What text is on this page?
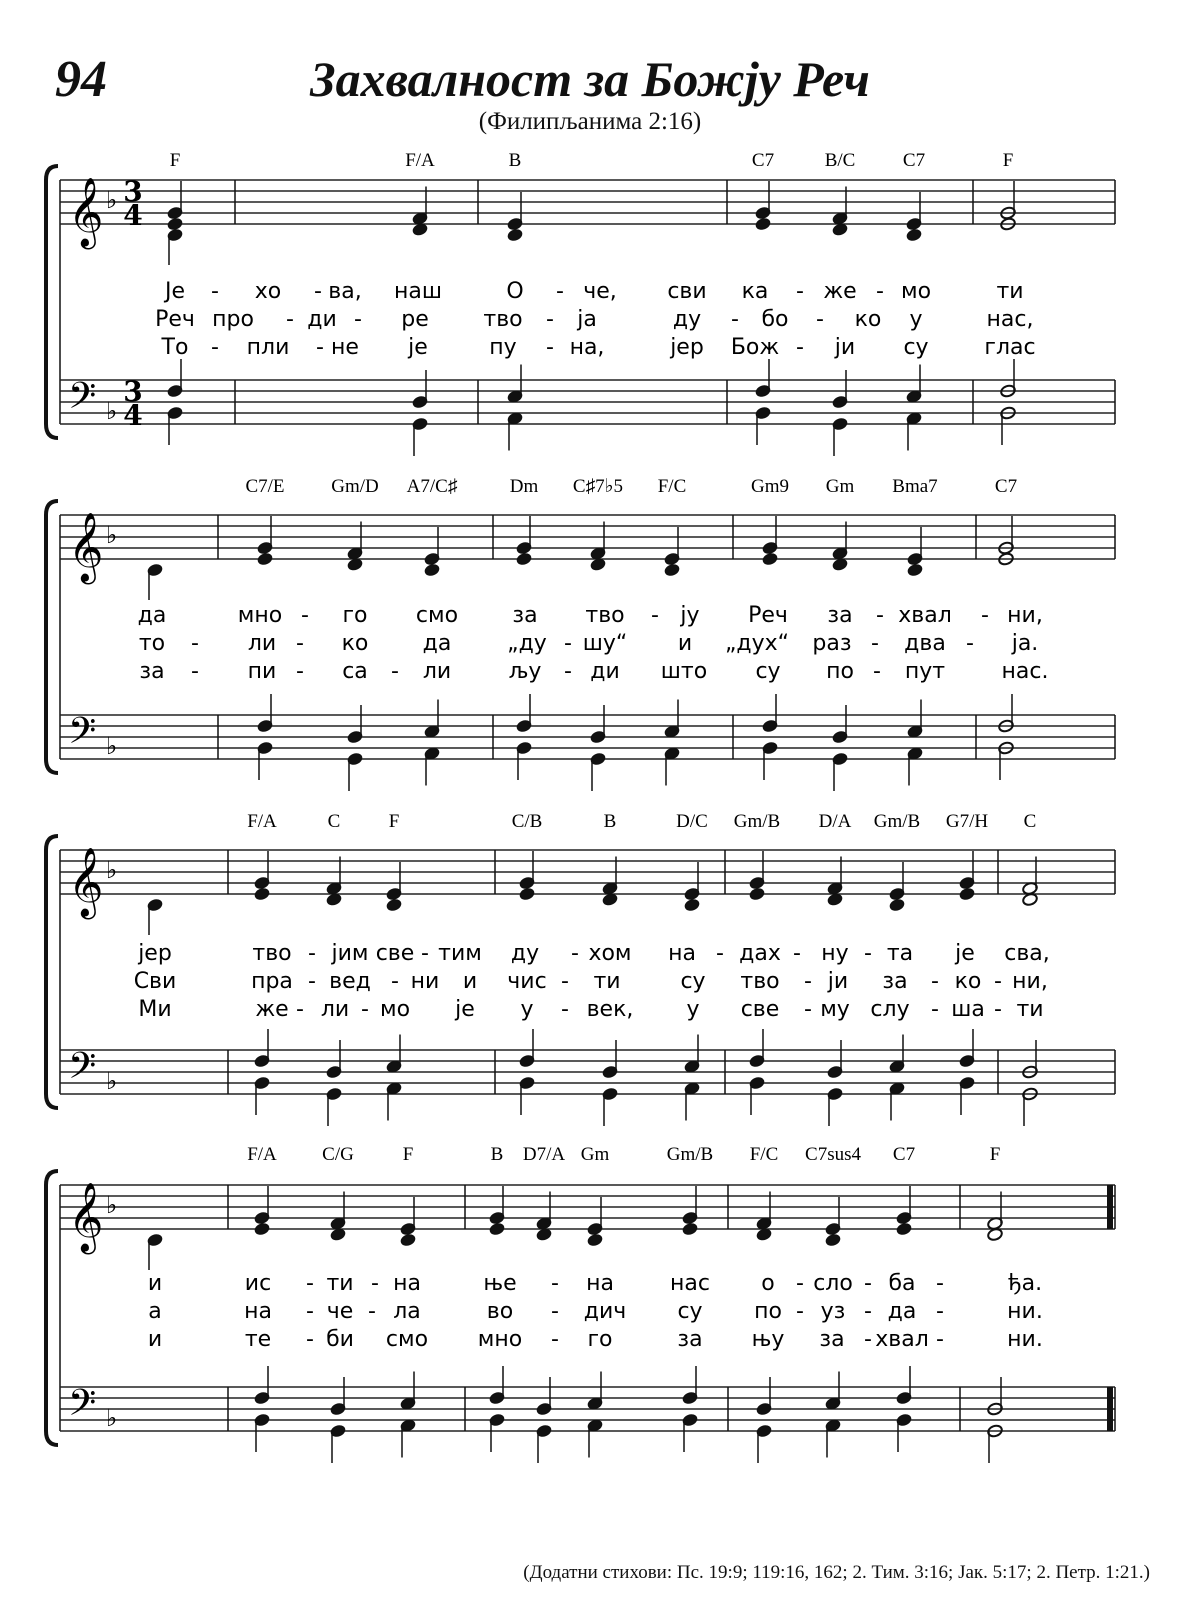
94	Захвалност за Божју Реч
(Филипљанима 2:16)
𝄞
𝄢
♭
♭
3
4
3
4
F	F/A	B	C7	B/C	C7	F
Је - хо - ва, наш	О - че, сви ка - же - мо	ти
Реч про - ди - ре тво - ја	ду - бо - ко у	нас,
То - пли - не је	пу - на,	јер Бож - ји су	глас
𝄞
𝄢
♭
♭
C7/E Gm/D A7/C♯	Dm C♯7♭5 F/C	Gm9 Gm Bma7	C7
да	мно - го смо за тво - ју Реч за - хвал - ни,
то - ли - ко да	„ду - шу“ и „дух“ раз - два - ја.
за - пи - са - ли	љу - ди што су по - пут	нас.
𝄞
𝄢
♭
♭
F/A	C	F	C/B	B	D/C Gm/B D/A Gm/B G7/H C
јер	тво - јим све - тим ду - хом на - дах - ну - та је сва,
Сви	пра - вед - ни и чис - ти	су тво - ји за - ко - ни,
Ми	же - ли - мо је у - век, у све - му слу - ша - ти
𝄞
𝄢
♭
♭
F/A C/G	F	B D7/A Gm	Gm/B F/C C7sus4 C7	F
и	ис - ти - на	ње - на	нас о - сло - ба -	ђа.
а	на - че - ла	во - дич су по - уз - да -	ни.
и	те - би смо мно - го	за њу за - хвал -	ни.
(Додатни стихови: Пс. 19:9; 119:16, 162; 2. Тим. 3:16; Јак. 5:17; 2. Петр. 1:21.)
